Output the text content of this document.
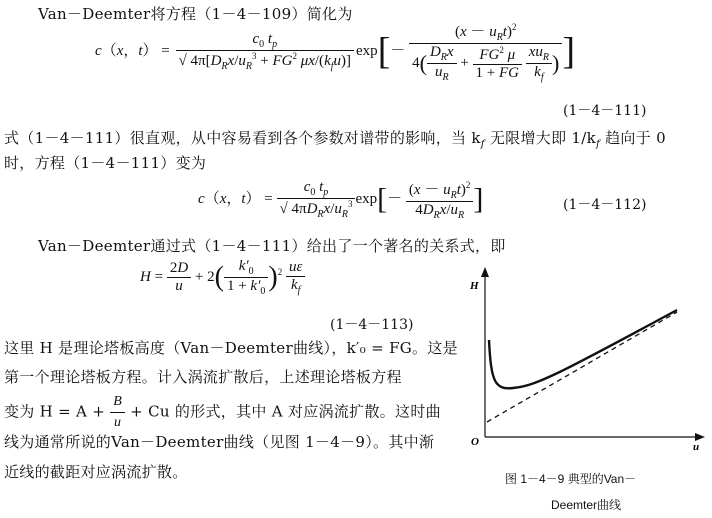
Van－Deemter将方程（1－4－109）简化为
c（x，$t) = \frac{c_0 t_p}{√ 4\pi[D_Rx/u_R^3 + FG^2 \mu x/(k_fu)]} \exp[- (x - u_Rt)^2$
$4( \frac{D_Rx}{u_R} + \frac{FG^2 \mu}{1 + FG}$
$\frac{xu_R}{k_f}$ ) ]
(1－4－111)
式（1－4－111）很直观，从中容易看到各个参数对谱带的影响，当 $k_f$ 无限增大即 $1/k_f$ 趋向于 0
时，方程（1－4－111）变为
c（x，$t) = \frac{c_0 t_p}{√ 4\pi D_Rx/u_R^3} \exp[- \frac{(x - u_Rt)^2}{4D_Rx/u_R}$ ]	(1－4－112)
Van－Deemter通过式（1－4－111）给出了一个著名的关系式，即
$H = \frac{2D}{u} + 2( \frac{k'_0}{1 + k'_0} )^2 \frac{u\varepsilon}{k_f}$
(1－4－113)
这里 H 是理论塔板高度（Van－Deemter曲线），k′₀ = FG。这是
第一个理论塔板方程。计入涡流扩散后，上述理论塔板方程
变为 $H = A + \frac{B}{u} + Cu$ 的形式，其中 A 对应涡流扩散。这时曲
线为通常所说的Van－Deemter曲线（见图 1－4－9）。其中渐
近线的截距对应涡流扩散。
H
u
O
图 1－4－9 典型的Van－
Deemter曲线
